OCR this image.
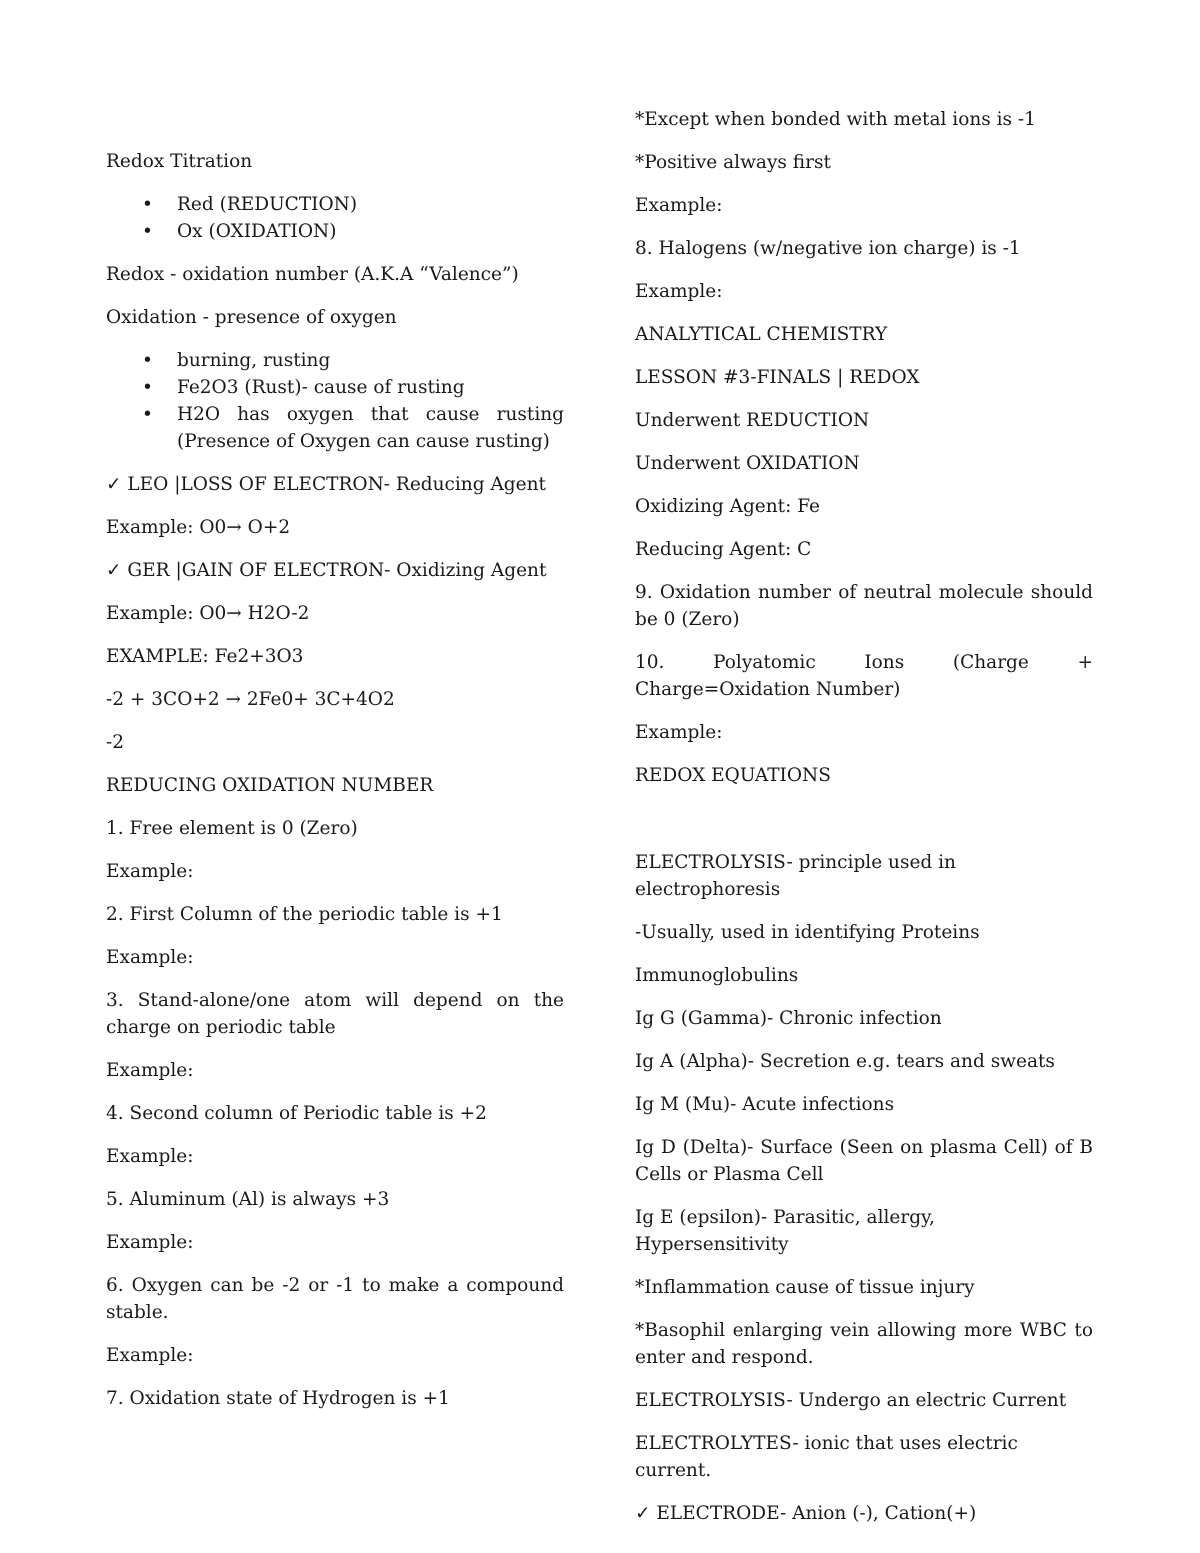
Redox Titration

• Red (REDUCTION)
• Ox (OXIDATION)

Redox - oxidation number (A.K.A “Valence”)

Oxidation - presence of oxygen

• burning, rusting
• Fe2O3 (Rust)- cause of rusting
• H2O has oxygen that cause rusting (Presence of Oxygen can cause rusting)

✓ LEO |LOSS OF ELECTRON- Reducing Agent

Example: O0→ O+2

✓ GER |GAIN OF ELECTRON- Oxidizing Agent

Example: O0→ H2O-2

EXAMPLE: Fe2+3O3

-2 + 3CO+2 → 2Fe0+ 3C+4O2

-2

REDUCING OXIDATION NUMBER

1. Free element is 0 (Zero)

Example:

2. First Column of the periodic table is +1

Example:

3. Stand-alone/one atom will depend on the charge on periodic table

Example:

4. Second column of Periodic table is +2

Example:

5. Aluminum (Al) is always +3

Example:

6. Oxygen can be -2 or -1 to make a compound stable.

Example:

7. Oxidation state of Hydrogen is +1

*Except when bonded with metal ions is -1

*Positive always first

Example:

8. Halogens (w/negative ion charge) is -1

Example:

ANALYTICAL CHEMISTRY

LESSON #3-FINALS | REDOX

Underwent REDUCTION

Underwent OXIDATION

Oxidizing Agent: Fe

Reducing Agent: C

9. Oxidation number of neutral molecule should be 0 (Zero)

10. Polyatomic Ions (Charge + Charge=Oxidation Number)

Example:

REDOX EQUATIONS

ELECTROLYSIS- principle used in electrophoresis

-Usually, used in identifying Proteins

Immunoglobulins

Ig G (Gamma)- Chronic infection

Ig A (Alpha)- Secretion e.g. tears and sweats

Ig M (Mu)- Acute infections

Ig D (Delta)- Surface (Seen on plasma Cell) of B Cells or Plasma Cell

Ig E (epsilon)- Parasitic, allergy, Hypersensitivity

*Inflammation cause of tissue injury

*Basophil enlarging vein allowing more WBC to enter and respond.

ELECTROLYSIS- Undergo an electric Current

ELECTROLYTES- ionic that uses electric current.

✓ ELECTRODE- Anion (-), Cation(+)
